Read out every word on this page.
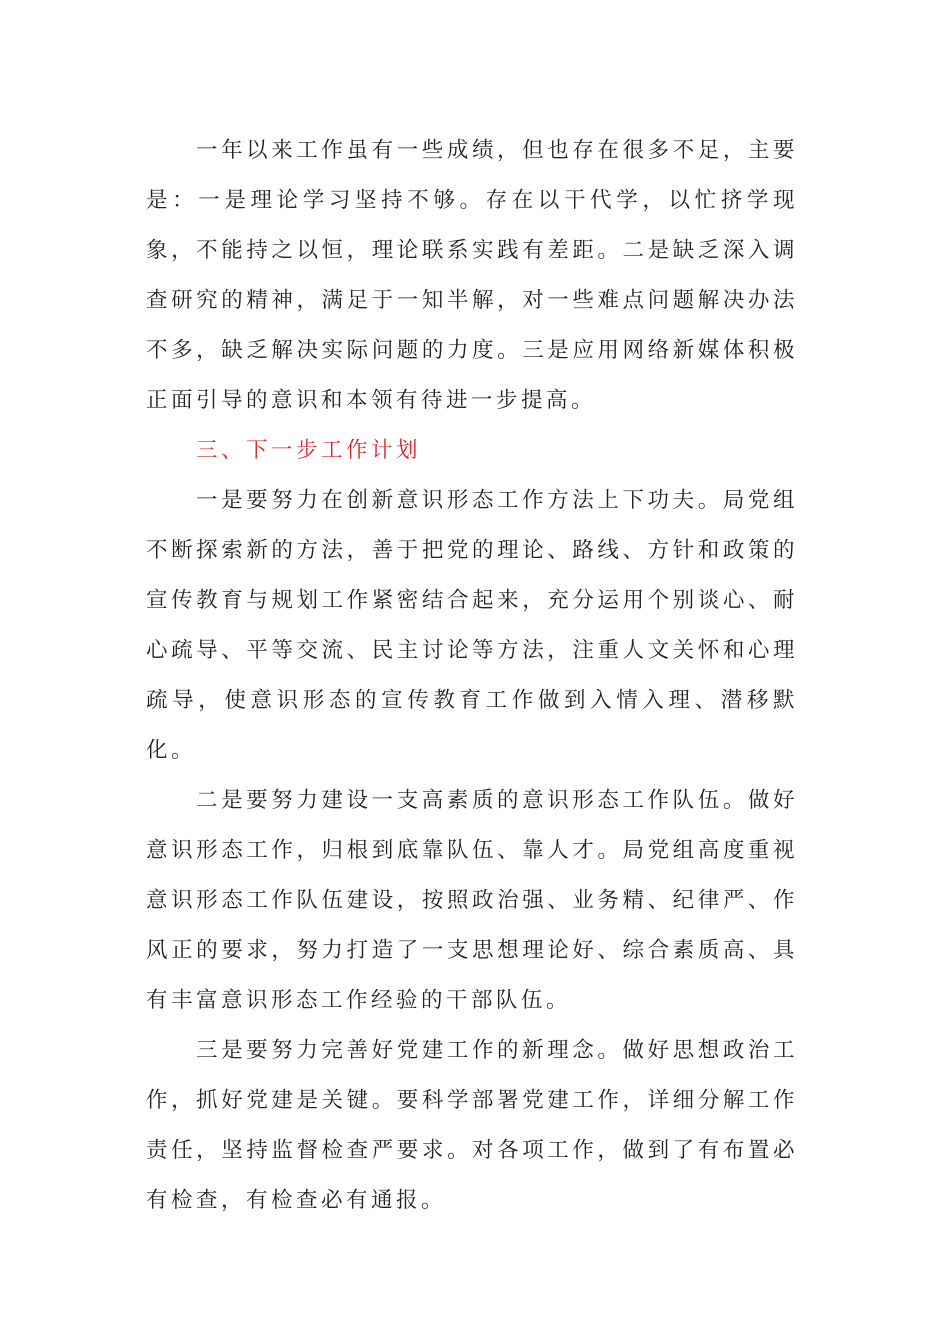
一年以来工作虽有一些成绩，但也存在很多不足，主要是：一是理论学习坚持不够。存在以干代学，以忙挤学现象，不能持之以恒，理论联系实践有差距。二是缺乏深入调查研究的精神，满足于一知半解，对一些难点问题解决办法不多，缺乏解决实际问题的力度。三是应用网络新媒体积极正面引导的意识和本领有待进一步提高。

三、下一步工作计划

一是要努力在创新意识形态工作方法上下功夫。局党组不断探索新的方法，善于把党的理论、路线、方针和政策的宣传教育与规划工作紧密结合起来，充分运用个别谈心、耐心疏导、平等交流、民主讨论等方法，注重人文关怀和心理疏导，使意识形态的宣传教育工作做到入情入理、潜移默化。

二是要努力建设一支高素质的意识形态工作队伍。做好意识形态工作，归根到底靠队伍、靠人才。局党组高度重视意识形态工作队伍建设，按照政治强、业务精、纪律严、作风正的要求，努力打造了一支思想理论好、综合素质高、具有丰富意识形态工作经验的干部队伍。

三是要努力完善好党建工作的新理念。做好思想政治工作，抓好党建是关键。要科学部署党建工作，详细分解工作责任，坚持监督检查严要求。对各项工作，做到了有布置必有检查，有检查必有通报。
